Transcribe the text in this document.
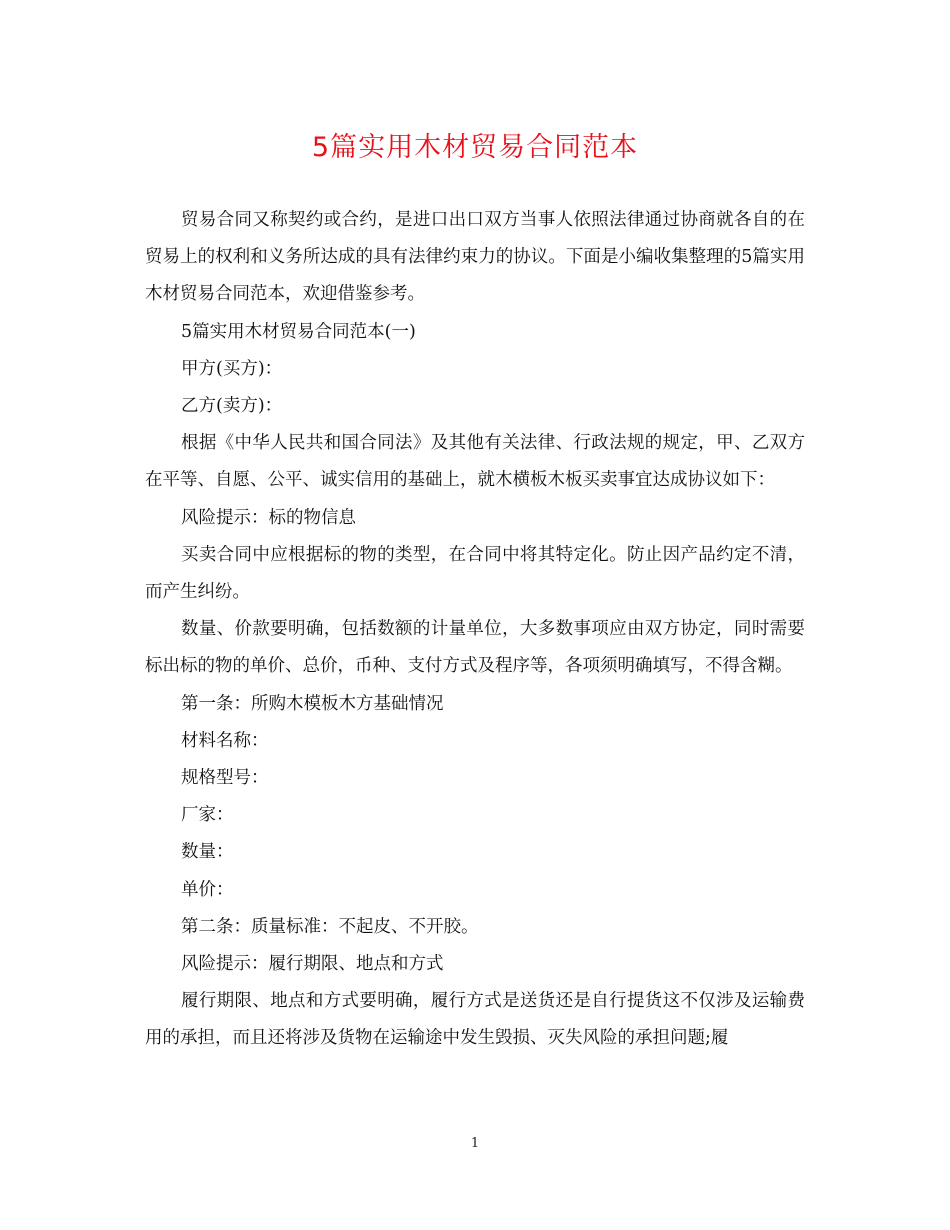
5篇实用木材贸易合同范本

贸易合同又称契约或合约，是进口出口双方当事人依照法律通过协商就各自的在贸易上的权利和义务所达成的具有法律约束力的协议。下面是小编收集整理的5篇实用木材贸易合同范本，欢迎借鉴参考。

5篇实用木材贸易合同范本(一)

甲方(买方)：

乙方(卖方)：

根据《中华人民共和国合同法》及其他有关法律、行政法规的规定，甲、乙双方在平等、自愿、公平、诚实信用的基础上，就木横板木板买卖事宜达成协议如下：

风险提示：标的物信息

买卖合同中应根据标的物的类型，在合同中将其特定化。防止因产品约定不清，而产生纠纷。

数量、价款要明确，包括数额的计量单位，大多数事项应由双方协定，同时需要标出标的物的单价、总价，币种、支付方式及程序等，各项须明确填写，不得含糊。

第一条：所购木模板木方基础情况

材料名称：

规格型号：

厂家：

数量：

单价：

第二条：质量标准：不起皮、不开胶。

风险提示：履行期限、地点和方式

履行期限、地点和方式要明确，履行方式是送货还是自行提货这不仅涉及运输费用的承担，而且还将涉及货物在运输途中发生毁损、灭失风险的承担问题;履

1
